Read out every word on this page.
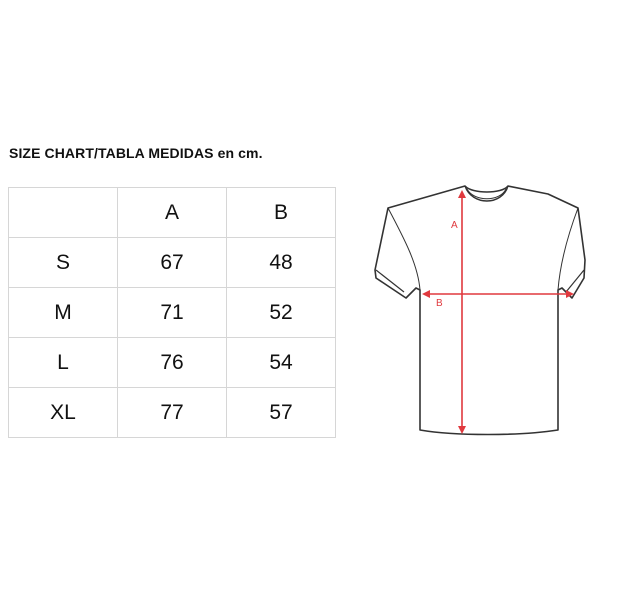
SIZE CHART/TABLA MEDIDAS en cm.
	A	B
S	67	48
M	71	52
L	76	54
XL	77	57
A
B
